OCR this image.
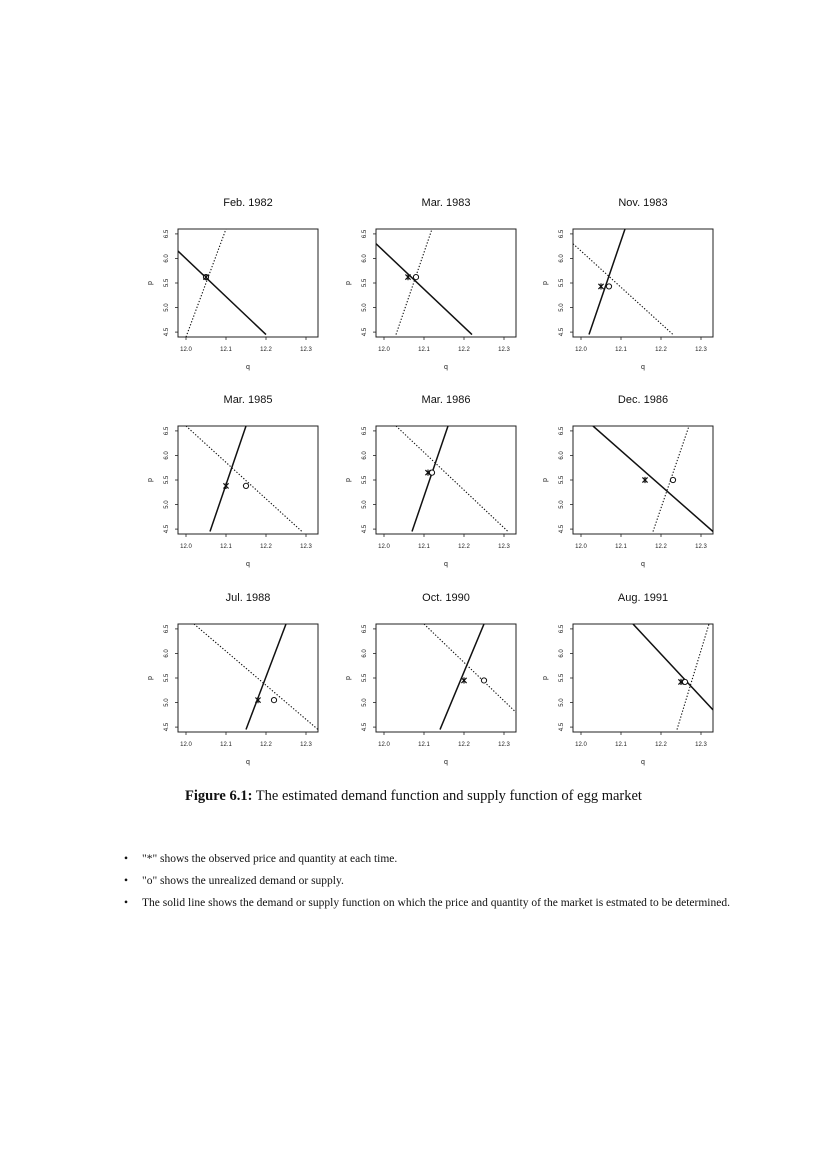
Feb. 1982
12.0	12.1	12.2	12.3
4.5
5.0
5.5
6.0
6.5
q
p
Mar. 1983
12.0	12.1	12.2	12.3
4.5
5.0
5.5
6.0
6.5
q
p
Nov. 1983
12.0	12.1	12.2	12.3
4.5
5.0
5.5
6.0
6.5
q
p
Mar. 1985
12.0	12.1	12.2	12.3
4.5
5.0
5.5
6.0
6.5
q
p
Mar. 1986
12.0	12.1	12.2	12.3
4.5
5.0
5.5
6.0
6.5
q
p
Dec. 1986
12.0	12.1	12.2	12.3
4.5
5.0
5.5
6.0
6.5
q
p
Jul. 1988
12.0	12.1	12.2	12.3
4.5
5.0
5.5
6.0
6.5
q
p
Oct. 1990
12.0	12.1	12.2	12.3
4.5
5.0
5.5
6.0
6.5
q
p
Aug. 1991
12.0	12.1	12.2	12.3
4.5
5.0
5.5
6.0
6.5
q
p
Figure 6.1: The estimated demand function and supply function of egg market
• "*" shows the observed price and quantity at each time.
• "o" shows the unrealized demand or supply.
• The solid line shows the demand or supply function on which the price and quantity of the market is estmated to be determined.
